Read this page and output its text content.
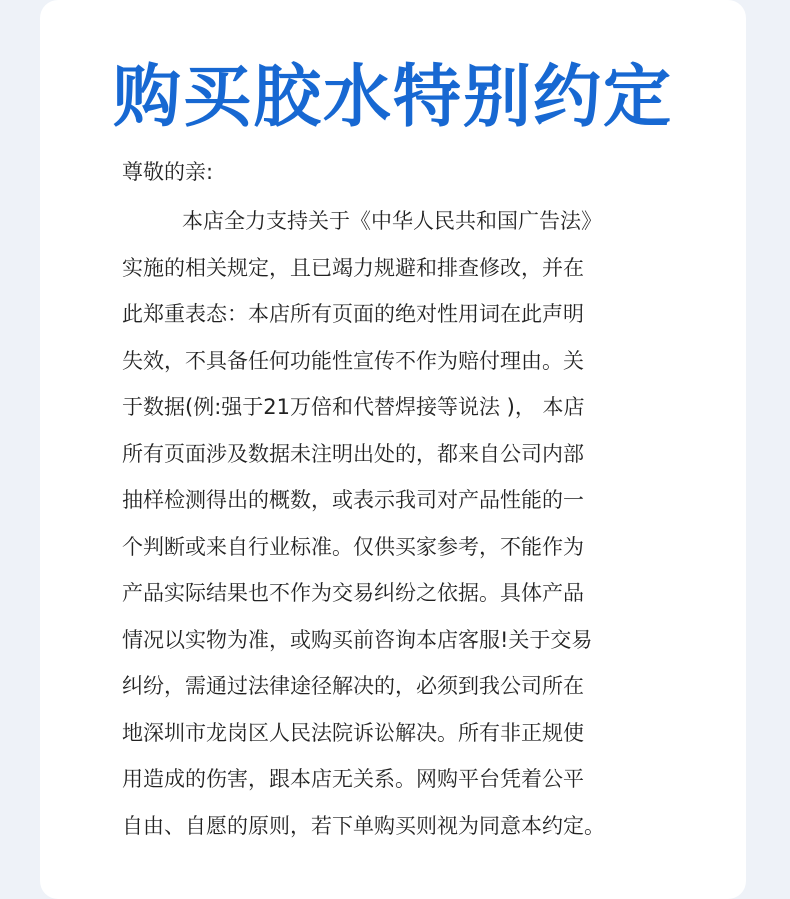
购买胶水特别约定

尊敬的亲:

本店全力支持关于《中华人民共和国广告法》
实施的相关规定，且已竭力规避和排查修改，并在
此郑重表态：本店所有页面的绝对性用词在此声明
失效，不具备任何功能性宣传不作为赔付理由。关
于数据(例:强于21万倍和代替焊接等说法 )， 本店
所有页面涉及数据未注明出处的，都来自公司内部
抽样检测得出的概数，或表示我司对产品性能的一
个判断或来自行业标准。仅供买家参考，不能作为
产品实际结果也不作为交易纠纷之依据。具体产品
情况以实物为准，或购买前咨询本店客服!关于交易
纠纷，需通过法律途径解决的，必须到我公司所在
地深圳市龙岗区人民法院诉讼解决。所有非正规使
用造成的伤害，跟本店无关系。网购平台凭着公平
自由、自愿的原则，若下单购买则视为同意本约定。
